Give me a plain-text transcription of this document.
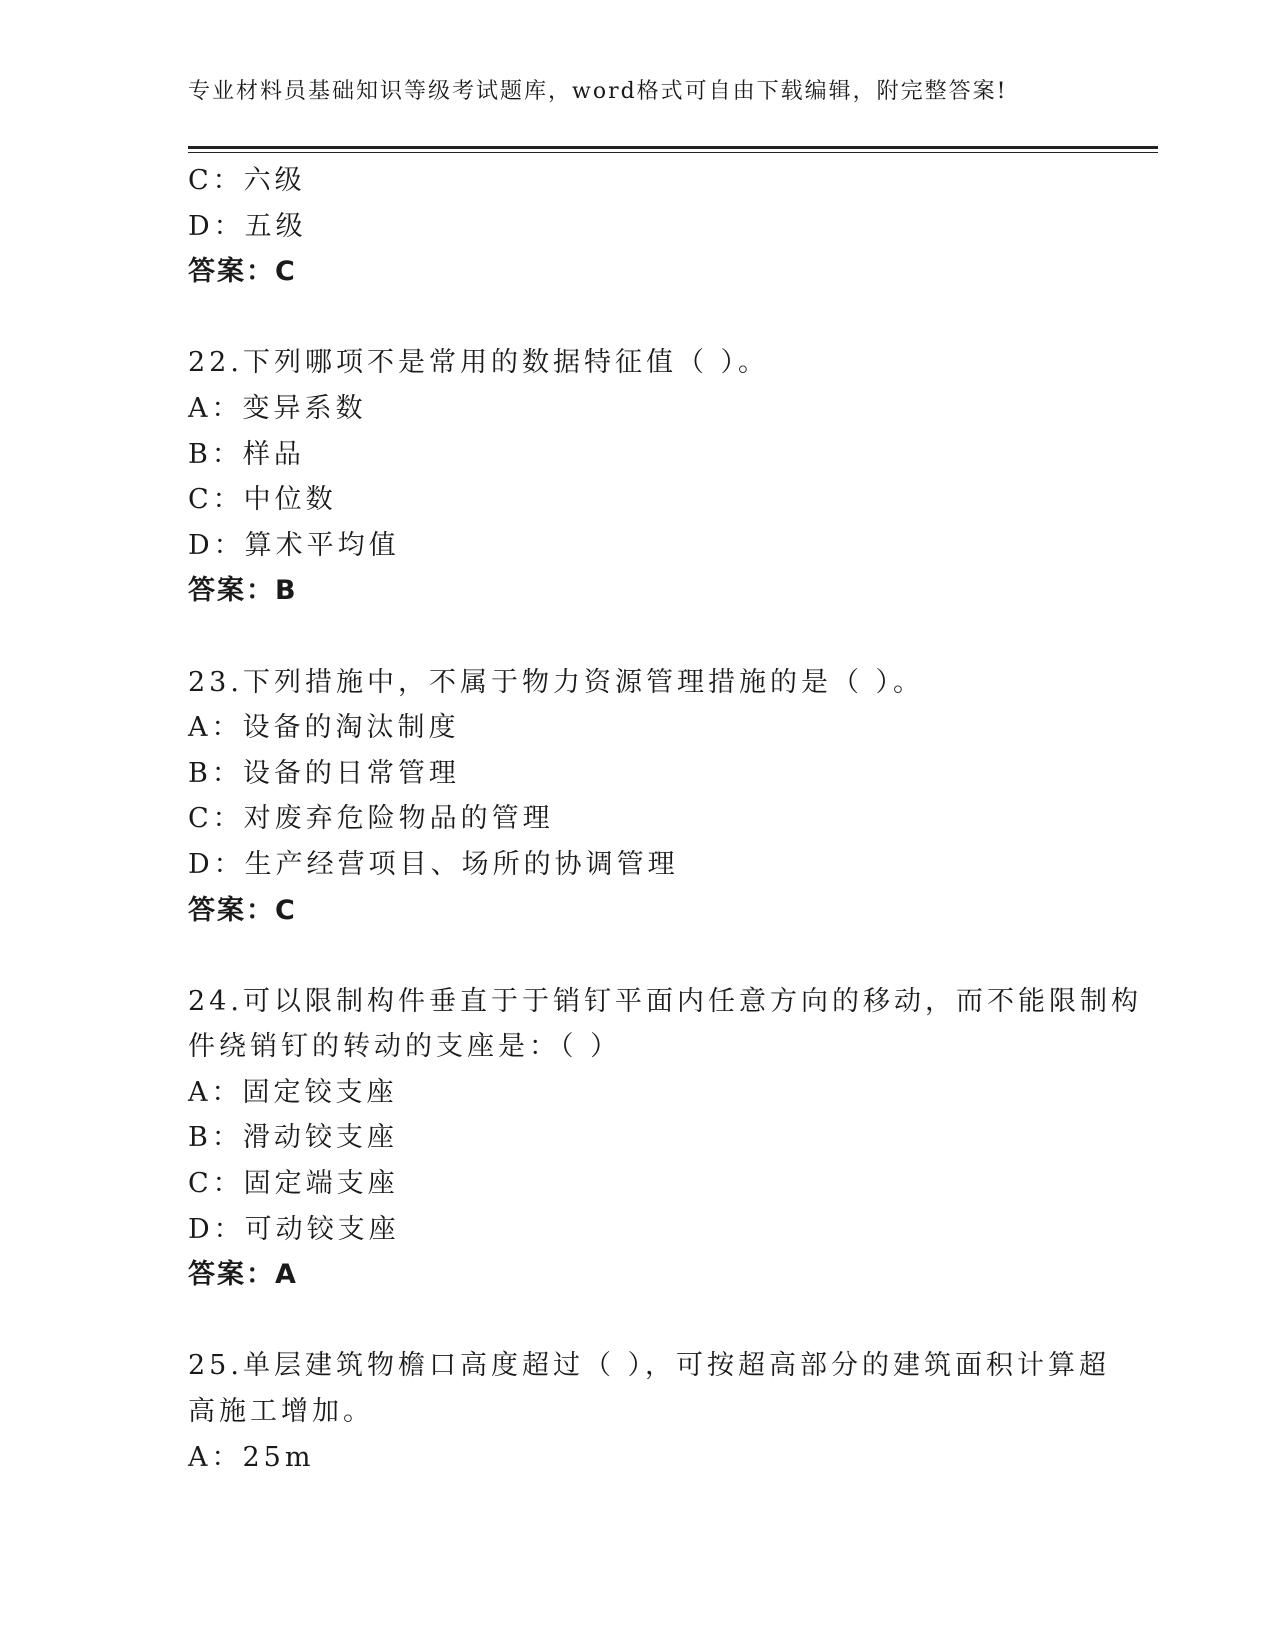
专业材料员基础知识等级考试题库，word格式可自由下载编辑，附完整答案!
C：六级
D：五级
答案：C
22.下列哪项不是常用的数据特征值（ ）。
A：变异系数
B：样品
C：中位数
D：算术平均值
答案：B
23.下列措施中，不属于物力资源管理措施的是（ ）。
A：设备的淘汰制度
B：设备的日常管理
C：对废弃危险物品的管理
D：生产经营项目、场所的协调管理
答案：C
24.可以限制构件垂直于于销钉平面内任意方向的移动，而不能限制构
件绕销钉的转动的支座是：（ ）
A：固定铰支座
B：滑动铰支座
C：固定端支座
D：可动铰支座
答案：A
25.单层建筑物檐口高度超过（ ），可按超高部分的建筑面积计算超
高施工增加。
A：25m
